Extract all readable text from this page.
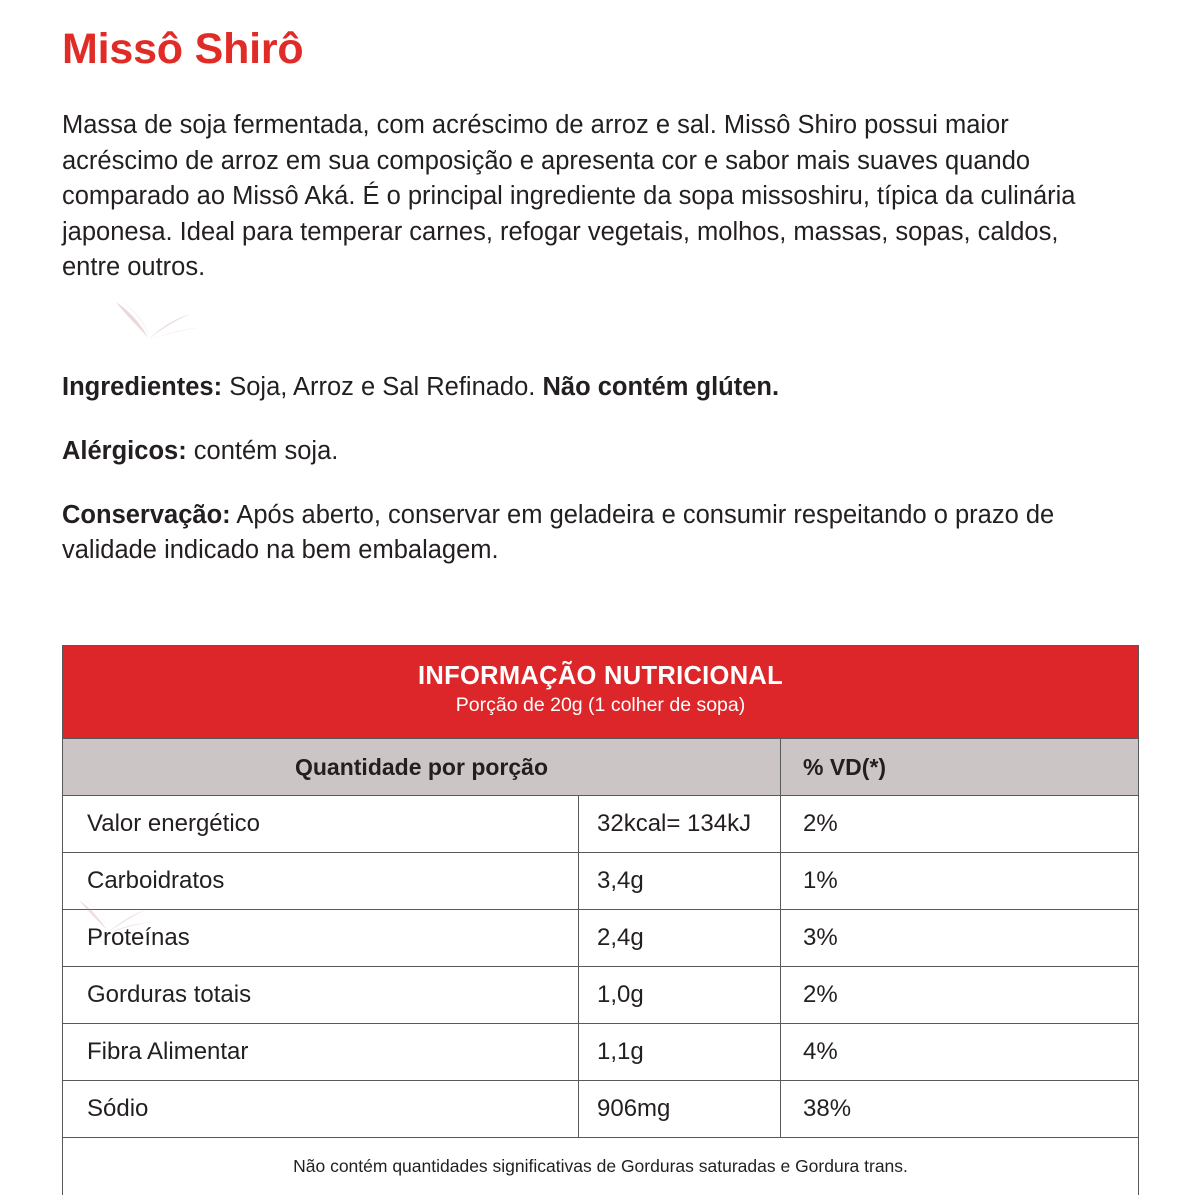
Missô Shirô

Massa de soja fermentada, com acréscimo de arroz e sal. Missô Shiro possui maior acréscimo de arroz em sua composição e apresenta cor e sabor mais suaves quando comparado ao Missô Aká. É o principal ingrediente da sopa missoshiru, típica da culinária japonesa. Ideal para temperar carnes, refogar vegetais, molhos, massas, sopas, caldos, entre outros.

Ingredientes: Soja, Arroz e Sal Refinado. Não contém glúten.

Alérgicos: contém soja.

Conservação: Após aberto, conservar em geladeira e consumir respeitando o prazo de validade indicado na bem embalagem.

INFORMAÇÃO NUTRICIONAL
Porção de 20g (1 colher de sopa)		

Quantidade por porção		% VD(*)
Valor energético	32kcal= 134kJ	2%
Carboidratos	3,4g	1%
Proteínas	2,4g	3%
Gorduras totais	1,0g	2%
Fibra Alimentar	1,1g	4%
Sódio	906mg	38%
Não contém quantidades significativas de Gorduras saturadas e Gordura trans.		
